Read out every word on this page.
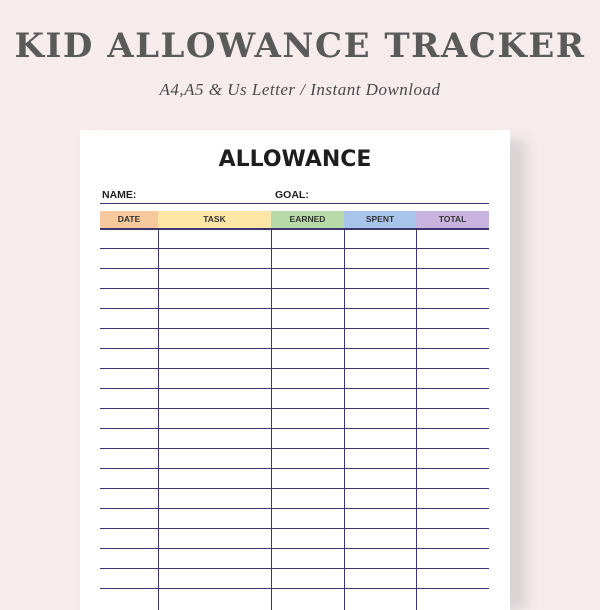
KID ALLOWANCE TRACKER
A4,A5 & Us Letter / Instant Download
ALLOWANCE
NAME:	GOAL:
DATE	TASK	EARNED	SPENT	TOTAL
